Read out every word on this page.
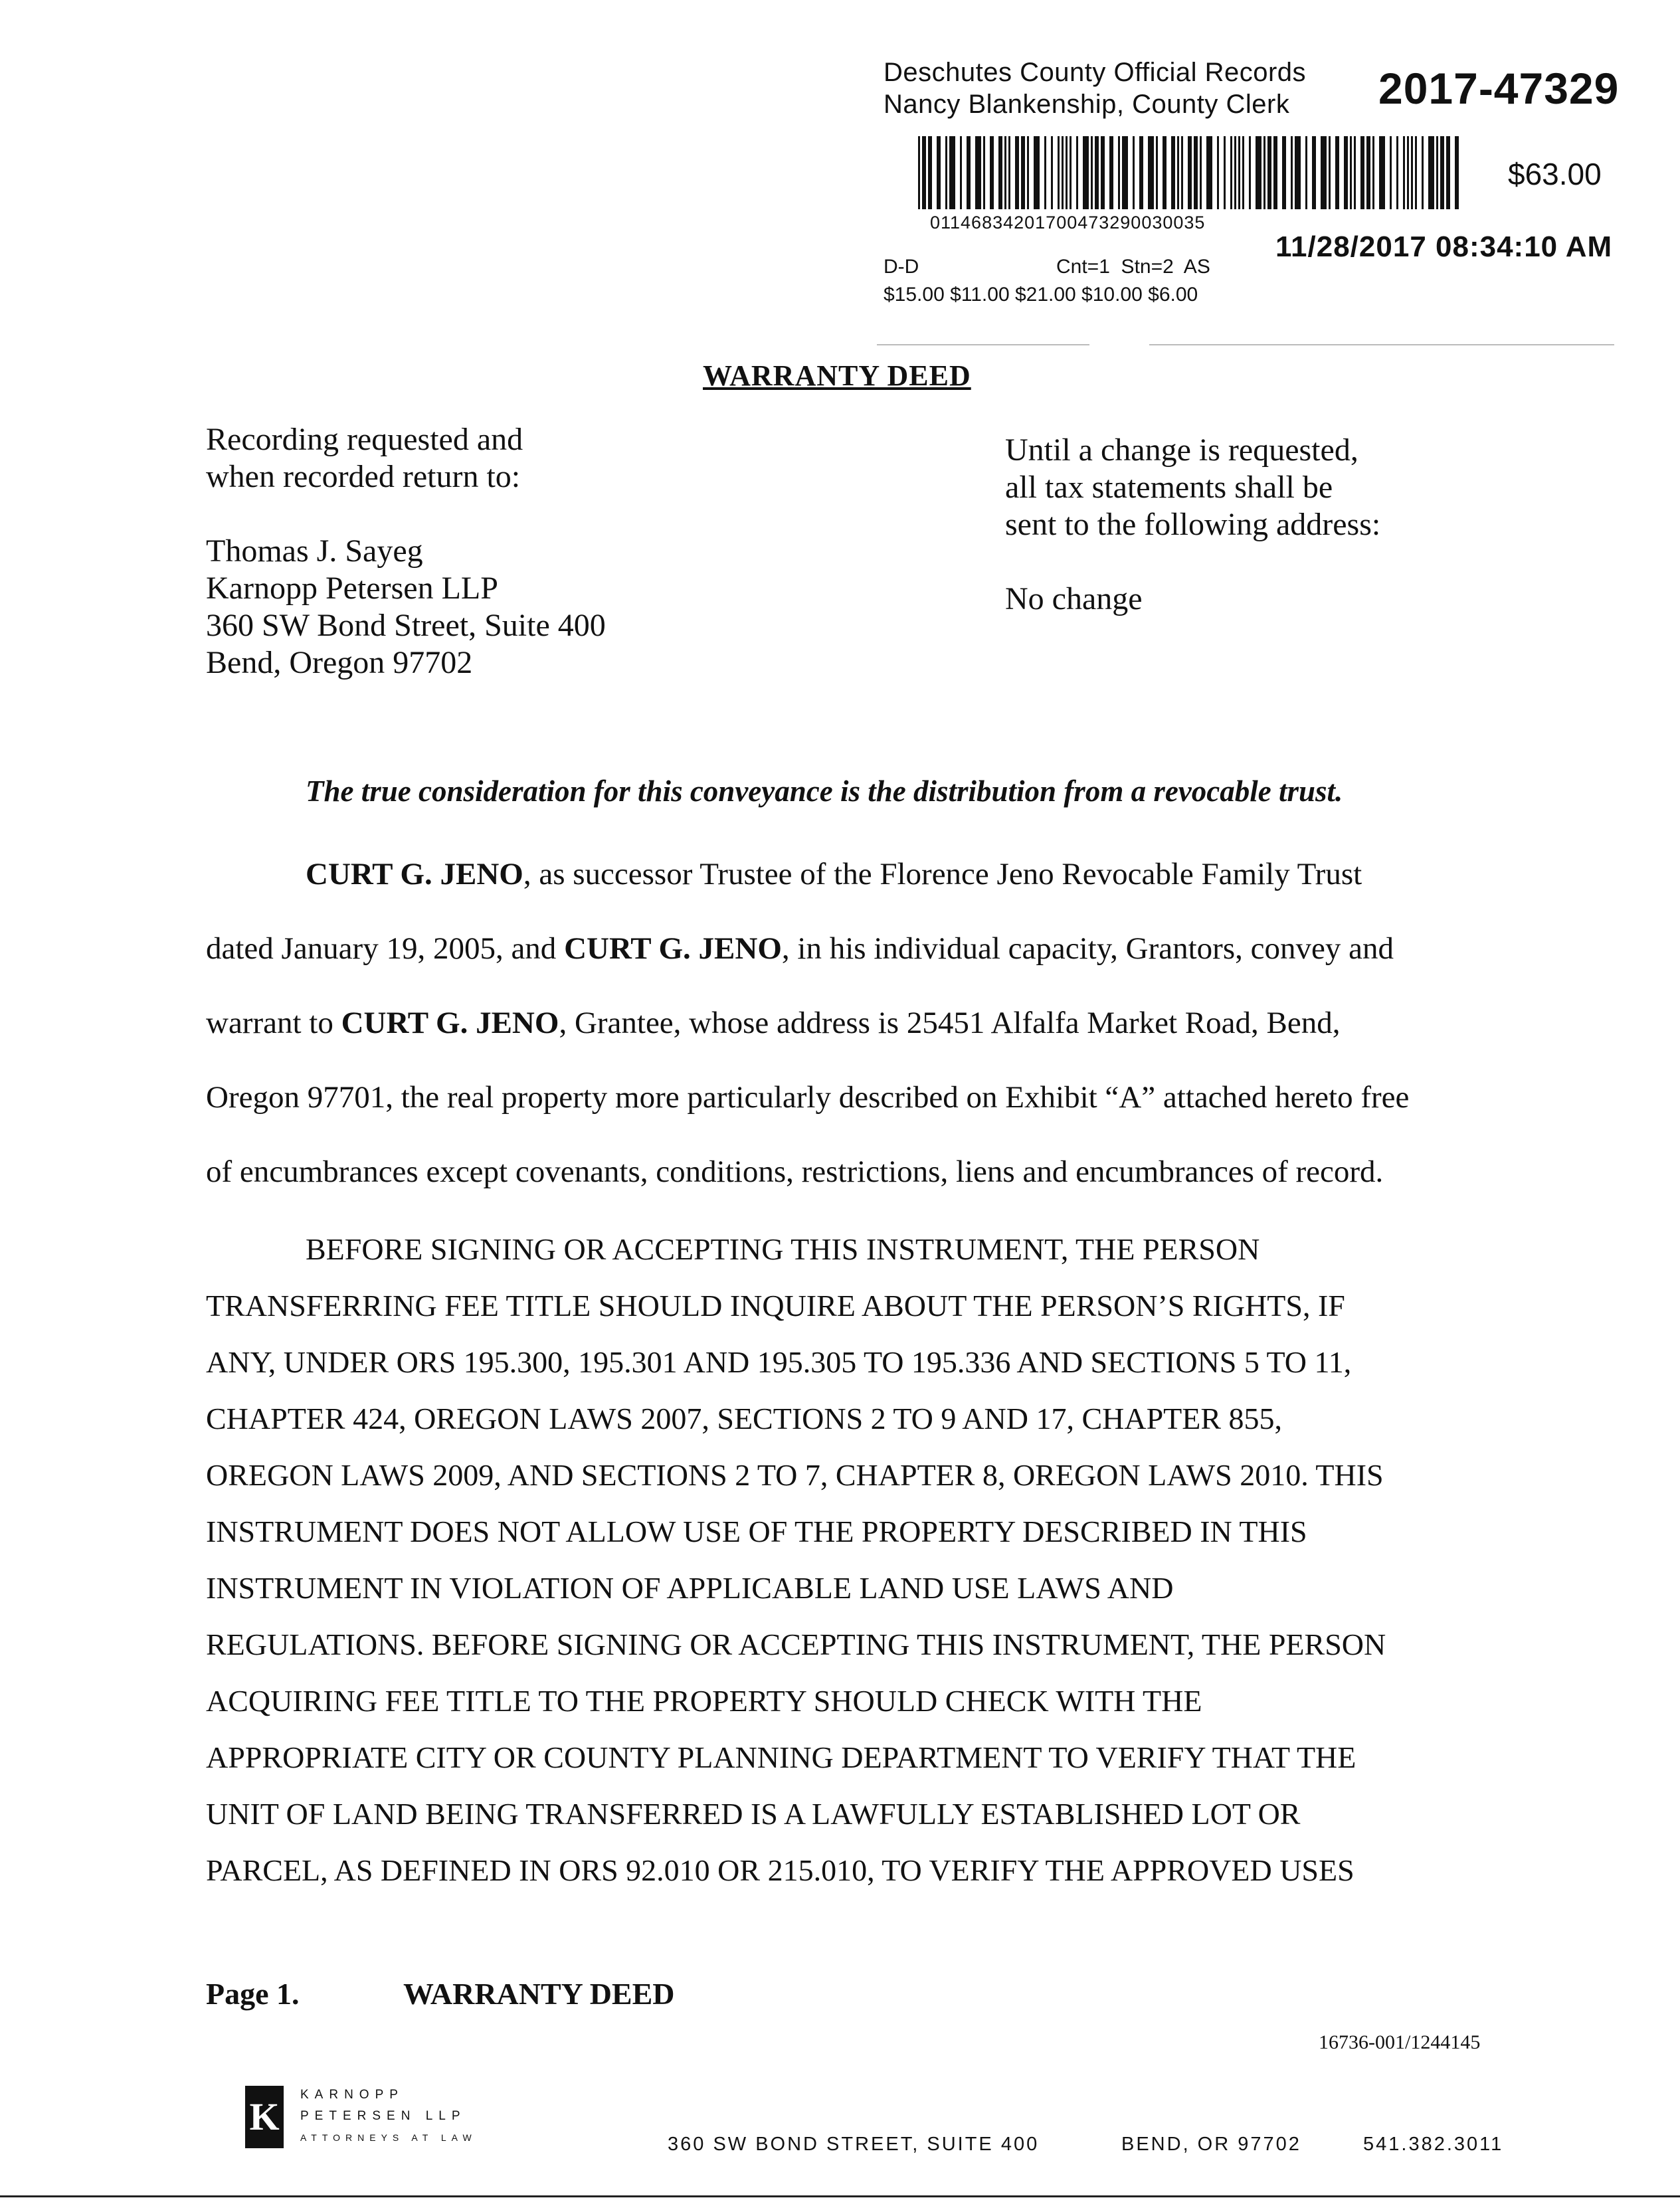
Deschutes County Official Records
Nancy Blankenship, County Clerk 2017-47329
$63.00
01146834201700473290030035
11/28/2017 08:34:10 AM
D-D	Cnt=1  Stn=2  AS
$15.00 $11.00 $21.00 $10.00 $6.00
WARRANTY DEED
Recording requested and
when recorded return to:
Thomas J. Sayeg
Karnopp Petersen LLP
360 SW Bond Street, Suite 400
Bend, Oregon 97702
Until a change is requested,
all tax statements shall be
sent to the following address:
No change
The true consideration for this conveyance is the distribution from a revocable trust.

CURT G. JENO, as successor Trustee of the Florence Jeno Revocable Family Trust

dated January 19, 2005, and CURT G. JENO, in his individual capacity, Grantors, convey and

warrant to CURT G. JENO, Grantee, whose address is 25451 Alfalfa Market Road, Bend,

Oregon 97701, the real property more particularly described on Exhibit “A” attached hereto free

of encumbrances except covenants, conditions, restrictions, liens and encumbrances of record.

BEFORE SIGNING OR ACCEPTING THIS INSTRUMENT, THE PERSON

TRANSFERRING FEE TITLE SHOULD INQUIRE ABOUT THE PERSON’S RIGHTS, IF

ANY, UNDER ORS 195.300, 195.301 AND 195.305 TO 195.336 AND SECTIONS 5 TO 11,

CHAPTER 424, OREGON LAWS 2007, SECTIONS 2 TO 9 AND 17, CHAPTER 855,

OREGON LAWS 2009, AND SECTIONS 2 TO 7, CHAPTER 8, OREGON LAWS 2010. THIS

INSTRUMENT DOES NOT ALLOW USE OF THE PROPERTY DESCRIBED IN THIS

INSTRUMENT IN VIOLATION OF APPLICABLE LAND USE LAWS AND

REGULATIONS. BEFORE SIGNING OR ACCEPTING THIS INSTRUMENT, THE PERSON

ACQUIRING FEE TITLE TO THE PROPERTY SHOULD CHECK WITH THE

APPROPRIATE CITY OR COUNTY PLANNING DEPARTMENT TO VERIFY THAT THE

UNIT OF LAND BEING TRANSFERRED IS A LAWFULLY ESTABLISHED LOT OR

PARCEL, AS DEFINED IN ORS 92.010 OR 215.010, TO VERIFY THE APPROVED USES

Page 1.	WARRANTY DEED
16736-001/1244145
K
KARNOPP
PETERSEN LLP
ATTORNEYS AT LAW	360 SW BOND STREET, SUITE 400	BEND, OR 97702	541.382.3011
